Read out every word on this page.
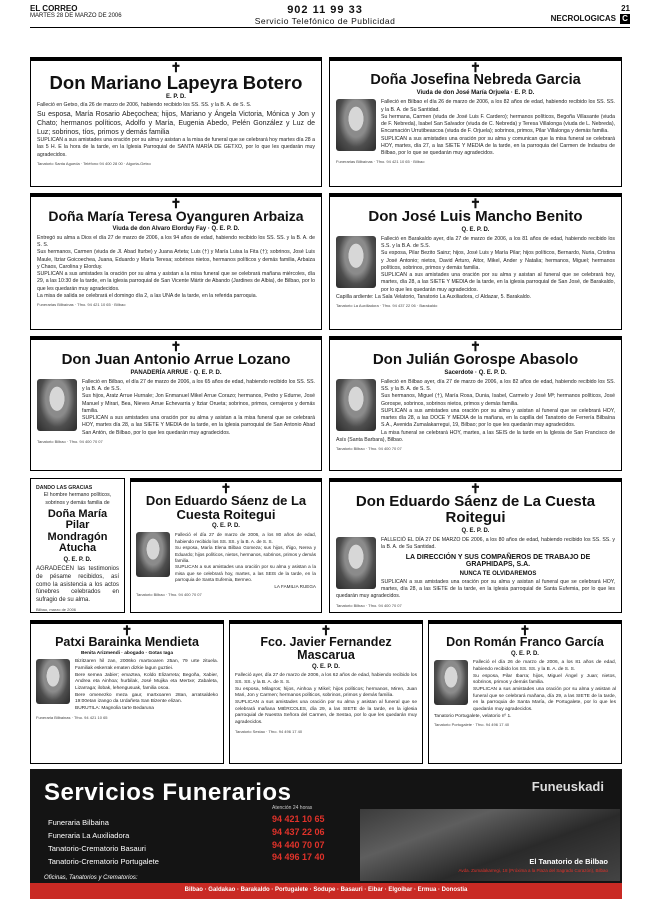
EL CORREO
MARTES 28 DE MARZO DE 2006	902 11 99 33
Servicio Telefónico de Publicidad	NECROLOGICAS
21
C
✝
Don Mariano Lapeyra Botero
E. P. D.
Falleció en Getxo, día 26 de marzo de 2006, habiendo recibido los SS. SS. y la B. A. de S. S.
Su esposa, María Rosario Abeçochea; hijos, Mariano y Ángela Victoria, Mónica y Jon y Chato; hermanos políticos, Adolfo y María, Eugenia Abedo, Pelén González y Luz de Luz; sobrinos, tíos, primos y demás familia
SUPLICAN a sus amistades una oración por su alma y asistan a la misa de funeral que se celebrará hoy martes día 28 a las 5 H. E la hora de la tarde, en la Iglesia Parroquial de SANTA MARÍA DE GETXO, por lo que les quedarán muy agradecidos.
Tanatorio Santa Agueda · Teléfono 94 400 28 00 · Algorta-Getxo
✝
Doña Josefina Nebreda Garcia
Viuda de don José María Orjuela · E. P. D.
Falleció en Bilbao el día 26 de marzo de 2006, a los 82 años de edad, habiendo recibido los SS. SS. y la B. A. de Su Santidad.
Su hermana, Carmen (viuda de José Luis F. Cardero); hermanos políticos, Begoña Villasante (viuda de F. Nebreda), Isabel San Salvador (viuda de C. Nebreda) y Teresa Villalonga (viuda de L. Nebreda), Encarnación Urrutibeascoa (viuda de F. Orjuela); sobrinos, primos, Pilar Villalonga y demás familia.
SUPLICAN a sus amistades una oración por su alma y comunican que la misa funeral se celebrará HOY, martes, día 27, a las SIETE Y MEDIA de la tarde, en la parroquia del Carmen de Indautxu de Bilbao, por lo que se quedarán muy agradecidos.
Funerarias Bilbaínas · Tfno. 94 421 10 65 · Bilbao
✝
Doña María Teresa Oyanguren Arbaiza
Viuda de don Alvaro Elorduy Fay · Q. E. P. D.
Entregó su alma a Dios el día 27 de marzo de 2006, a los 94 años de edad, habiendo recibido los SS. SS. y la B. A. de S. S.
Sus hermanos, Carmen (viuda de Jl. Abad Iturbe) y Juana Arteta; Luis (†) y María Luisa la Fita (†); sobrinos, José Luis Maule, Itziar Goicoechea, Juana, Eduardo y María Teresa; sobrinos nietos, hermanos políticos y demás familia, Arbaiza y Chaos, Carolina y Elorduy.
SUPLICAN a sus amistades la oración por su alma y asistan a la misa funeral que se celebrará mañana miércoles, día 29, a las 10:30 de la tarde, en la iglesia parroquial de San Vicente Mártir de Abando (Jardines de Albia), de Bilbao, por lo que les quedarán muy agradecidos.
La misa de salida se celebrará el domingo día 2, a las UNA de la tarde, en la referida parroquia.
Funerarias Bilbaínas · Tfno. 94 421 10 65 · Bilbao
✝
Don José Luis Mancho Benito
Q. E. P. D.
Falleció en Barakaldo ayer, día 27 de marzo de 2006, a los 81 años de edad, habiendo recibido los S.S. y la B.A. de S.S.
Su esposa, Pilar Bezito Sainz; hijos, José Luis y María Pilar; hijos políticos, Bernardo, Nuria, Cristina y José Antonio; nietos, David Arturo, Aitor, Mikel, Ander y Natalia; hermanos, Miguel; hermanos políticos, sobrinos, primos y demás familia.
SUPLICAN a sus amistades una oración por su alma y asistan al funeral que se celebrará hoy, martes, día 28, a las SIETE Y MEDIA de la tarde, en la iglesia parroquial de San José, de Barakaldo, por lo que les quedarán muy agradecidos.
Capilla ardiente: La Sala Velatorio, Tanatorio La Auxiliadora, c/ Aldazar, 5. Barakaldo.
Tanatorio La Auxiliadora · Tfno. 94 437 22 06 · Barakaldo
✝
Don Juan Antonio Arrue Lozano
PANADERÍA ARRUE · Q. E. P. D.
Falleció en Bilbao, el día 27 de marzo de 2006, a los 65 años de edad, habiendo recibido los SS. SS. y la B. A. de S.S.
Sus hijos, Aratz Arrue Hurnale; Jon Enmanuel Mikel Arrue Corazo; hermanos, Pedro y Edurne, José Manuel y Mirari, Bea, Nieves Arrue Echevarria y Itziar Orueta; sobrinos, primos, cerrajeros y demás familia.
SUPLICAN a sus amistades una oración por su alma y asistan a la misa funeral que se celebrará HOY, martes día 28, a las SIETE Y MEDIA de la tarde, en la iglesia parroquial de San Antonio Abad San Antón, de Bilbao, por lo que les quedarán muy agradecidos.
Tanatorio Bilbao · Tfno. 94 400 70 07
✝
Don Julián Gorospe Abasolo
Sacerdote · Q. E. P. D.
Falleció en Bilbao ayer, día 27 de marzo de 2006, a los 82 años de edad, habiendo recibido los SS. SS. y la B. A. de S. S.
Sus hermanos, Miguel (†), María Rosa, Dunia, Isabel, Carmelo y José Mª; hermanos políticos, José Gorospe, sobrinos, sobrinos nietos, primos y demás familia.
SUPLICAN a sus amistades una oración por su alma y asistan al funeral que se celebrará HOY, martes día 28, a las DOCE Y MEDIA de la mañana, en la capilla del Tanatorio de Ferrería Bilbaína S.A., Avenida Zumalakarregui, 19, Bilbao; por lo que les quedarán muy agradecidos.
La misa funeral se celebrará HOY, martes, a las SEIS de la tarde en la Iglesia de San Francisco de Asís (Santa Barbara), Bilbao.
Tanatorio Bilbao · Tfno. 94 400 70 07
DANDO LAS GRACIAS
El hombre hermano políticos, sobrinos y demás familia de
Doña María Pilar Mondragón Atucha
Q. E. P. D.
AGRADECEN las testimonios de pésame recibidos, así como la asistencia a los actos fúnebres celebrados en sufragio de su alma.
Bilbao, marzo de 2006
✝
Don Eduardo Sáenz de La Cuesta Roitegui
Q. E. P. D.
Falleció el día 27 de marzo de 2006, a los 80 años de edad, habiendo recibido los SS. SS. y la B. A. de S. S.
Su esposa, María Elena Bilbao Gomeza; sus hijos, Iñigo, Nerea y Eduardo; hijos políticos, nietos, hermanos, sobrinos, primos y demás familia.
SUPLICAN a sus amistades una oración por su alma y asistan a la misa que se celebrará hoy, martes, a las SEIS de la tarde, en la parroquia de Santa Eufemia, Bermeo.
LA FAMILIA RUEGA
Tanatorio Bilbao · Tfno. 94 400 70 07
✝
Don Eduardo Sáenz de La Cuesta Roitegui
Q. E. P. D.
FALLECIÓ EL DÍA 27 DE MARZO DE 2006, a los 80 años de edad, habiendo recibido los SS. SS. y la B. A. de Su Santidad.
LA DIRECCIÓN Y SUS COMPAÑEROS DE TRABAJO DE GRAPHIDAPS, S.A.
NUNCA TE OLVIDAREMOS
SUPLICAN a sus amistades una oración por su alma y asistan al funeral que se celebrará HOY, martes, día 28, a las SIETE de la tarde, en la iglesia parroquial de Santa Eufemia, por lo que les quedarán muy agradecidos.
Tanatorio Bilbao · Tfno. 94 400 70 07
✝
Patxi Barainka Mendieta
Benita Arizmendi · abogado · Gotas Iaga
Bizitzaren hil zan, 2006ko martxoaren 25an, 79 urte zituela. Familiak eskerrak ematen dizkie lagun guztiei.
Bere semea Jabier; emaztea, Koldo Elizarreta; Begoña, Xabier, Andrea eta Ainhoa; hurbilak, José Mujika eta Mertxe; Zabaleta, Lizarraga; ilobak, lehengusuak, familia osoa.
Bere omenezko meza gaur, martxoaren 28an, arratsaldeko 19:00etan izango da Urdañeta San Bizente elizan.
BURUTILA: Magnolia tarte Bedaruna
Funeraria Bilbainas · Tfno. 94 421 10 65
✝
Fco. Javier Fernandez Mascarua
Q. E. P. D.
Falleció ayer, día 27 de marzo de 2006, a los 62 años de edad, habiendo recibido los SS. SS. y la B. A. de S. S.
Su esposa, Milagros; hijos, Ainhoa y Mikel; hijos políticos; hermanos, Miren, Juan Mari, Jon y Carmen; hermanos políticos, sobrinos, primos y demás familia.
SUPLICAN a sus amistades una oración por su alma y asistan al funeral que se celebrará mañana MIÉRCOLES, día 29, a las SIETE de la tarde, en la iglesia parroquial de Nuestra Señora del Carmen, de Sestao, por lo que les quedarán muy agradecidos.
Tanatorio Sestao · Tfno. 94 496 17 40
✝
Don Román Franco García
Q. E. P. D.
Falleció el día 26 de marzo de 2006, a los 81 años de edad, habiendo recibido los SS. SS. y la B. A. de S. S.
Su esposa, Pilar Ibarra; hijos, Miguel Ángel y Juan; nietos, sobrinos, primos y demás familia.
SUPLICAN a sus amistades una oración por su alma y asistan al funeral que se celebrará mañana, día 29, a las SIETE de la tarde, en la parroquia de Santa María, de Portugalete, por lo que les quedarán muy agradecidos.
Tanatorio Portugalete, velatorio nº 1.
Tanatorio Portugalete · Tfno. 94 496 17 40
Servicios Funerarios	Funeuskadi
Funeraria Bilbaina
Funeraria La Auxiliadora
Tanatorio-Crematorio Basauri
Tanatorio-Crematorio Portugalete
Atención 24 horas
94 421 10 65
94 437 22 06
94 440 70 07
94 496 17 40	El Tanatorio de Bilbao
Avda. Zumalakarregi, 18 (Próxima a la Plaza del Sagrado Corazón), Bilbao
Oficinas, Tanatorios y Crematorios:
Bilbao · Galdakao · Barakaldo · Portugalete · Sodupe · Basauri · Eibar · Elgoibar · Ermua · Donostia
